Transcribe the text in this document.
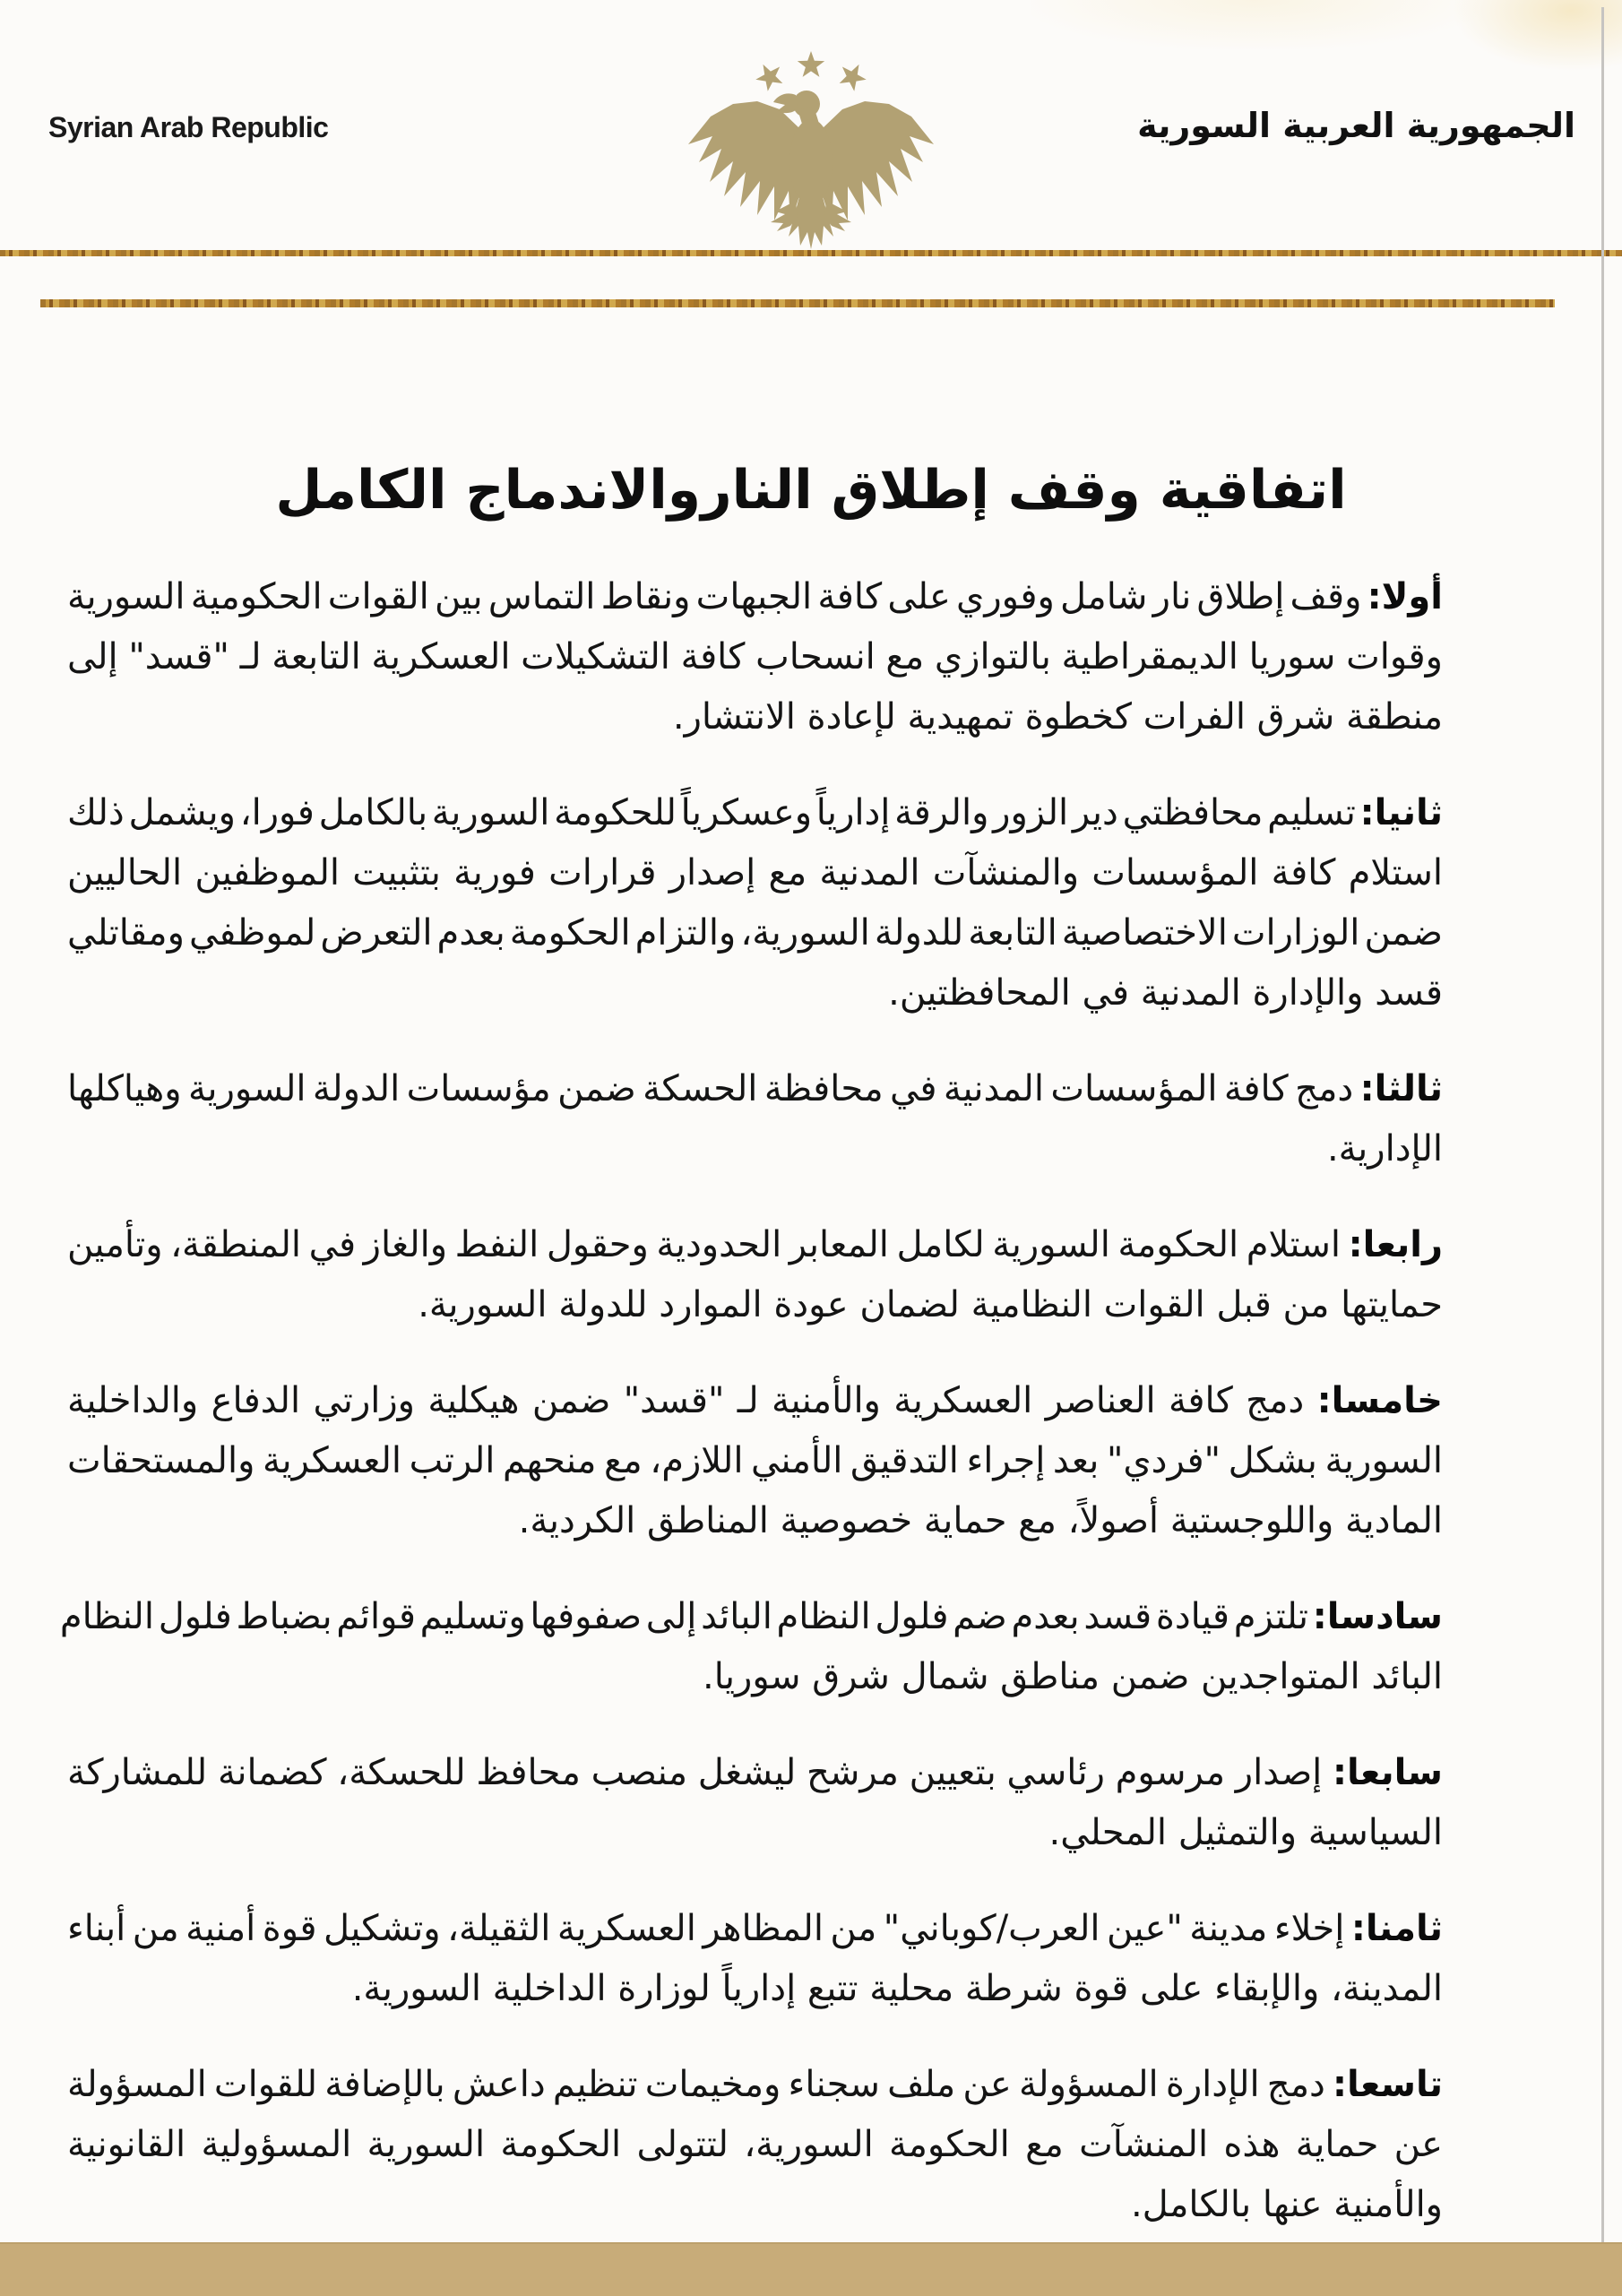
Syrian Arab Republic	الجمهورية العربية السورية
اتفاقية وقف إطلاق الناروالاندماج الكامل
أولا: وقف إطلاق نار شامل وفوري على كافة الجبهات ونقاط التماس بين القوات الحكومية السورية
وقوات سوريا الديمقراطية بالتوازي مع انسحاب كافة التشكيلات العسكرية التابعة لـ "قسد" إلى
منطقة شرق الفرات كخطوة تمهيدية لإعادة الانتشار.
ثانيا: تسليم محافظتي دير الزور والرقة إدارياً وعسكرياً للحكومة السورية بالكامل فورا، ويشمل ذلك
استلام كافة المؤسسات والمنشآت المدنية مع إصدار قرارات فورية بتثبيت الموظفين الحاليين
ضمن الوزارات الاختصاصية التابعة للدولة السورية، والتزام الحكومة بعدم التعرض لموظفي ومقاتلي
قسد والإدارة المدنية في المحافظتين.
ثالثا: دمج كافة المؤسسات المدنية في محافظة الحسكة ضمن مؤسسات الدولة السورية وهياكلها
الإدارية.
رابعا: استلام الحكومة السورية لكامل المعابر الحدودية وحقول النفط والغاز في المنطقة، وتأمين
حمايتها من قبل القوات النظامية لضمان عودة الموارد للدولة السورية.
خامسا: دمج كافة العناصر العسكرية والأمنية لـ "قسد" ضمن هيكلية وزارتي الدفاع والداخلية
السورية بشكل "فردي" بعد إجراء التدقيق الأمني اللازم، مع منحهم الرتب العسكرية والمستحقات
المادية واللوجستية أصولاً، مع حماية خصوصية المناطق الكردية.
سادسا: تلتزم قيادة قسد بعدم ضم فلول النظام البائد إلى صفوفها وتسليم قوائم بضباط فلول النظام
البائد المتواجدين ضمن مناطق شمال شرق سوريا.
سابعا: إصدار مرسوم رئاسي بتعيين مرشح ليشغل منصب محافظ للحسكة، كضمانة للمشاركة
السياسية والتمثيل المحلي.
ثامنا: إخلاء مدينة "عين العرب/كوباني" من المظاهر العسكرية الثقيلة، وتشكيل قوة أمنية من أبناء
المدينة، والإبقاء على قوة شرطة محلية تتبع إدارياً لوزارة الداخلية السورية.
تاسعا: دمج الإدارة المسؤولة عن ملف سجناء ومخيمات تنظيم داعش بالإضافة للقوات المسؤولة
عن حماية هذه المنشآت مع الحكومة السورية، لتتولى الحكومة السورية المسؤولية القانونية
والأمنية عنها بالكامل.
